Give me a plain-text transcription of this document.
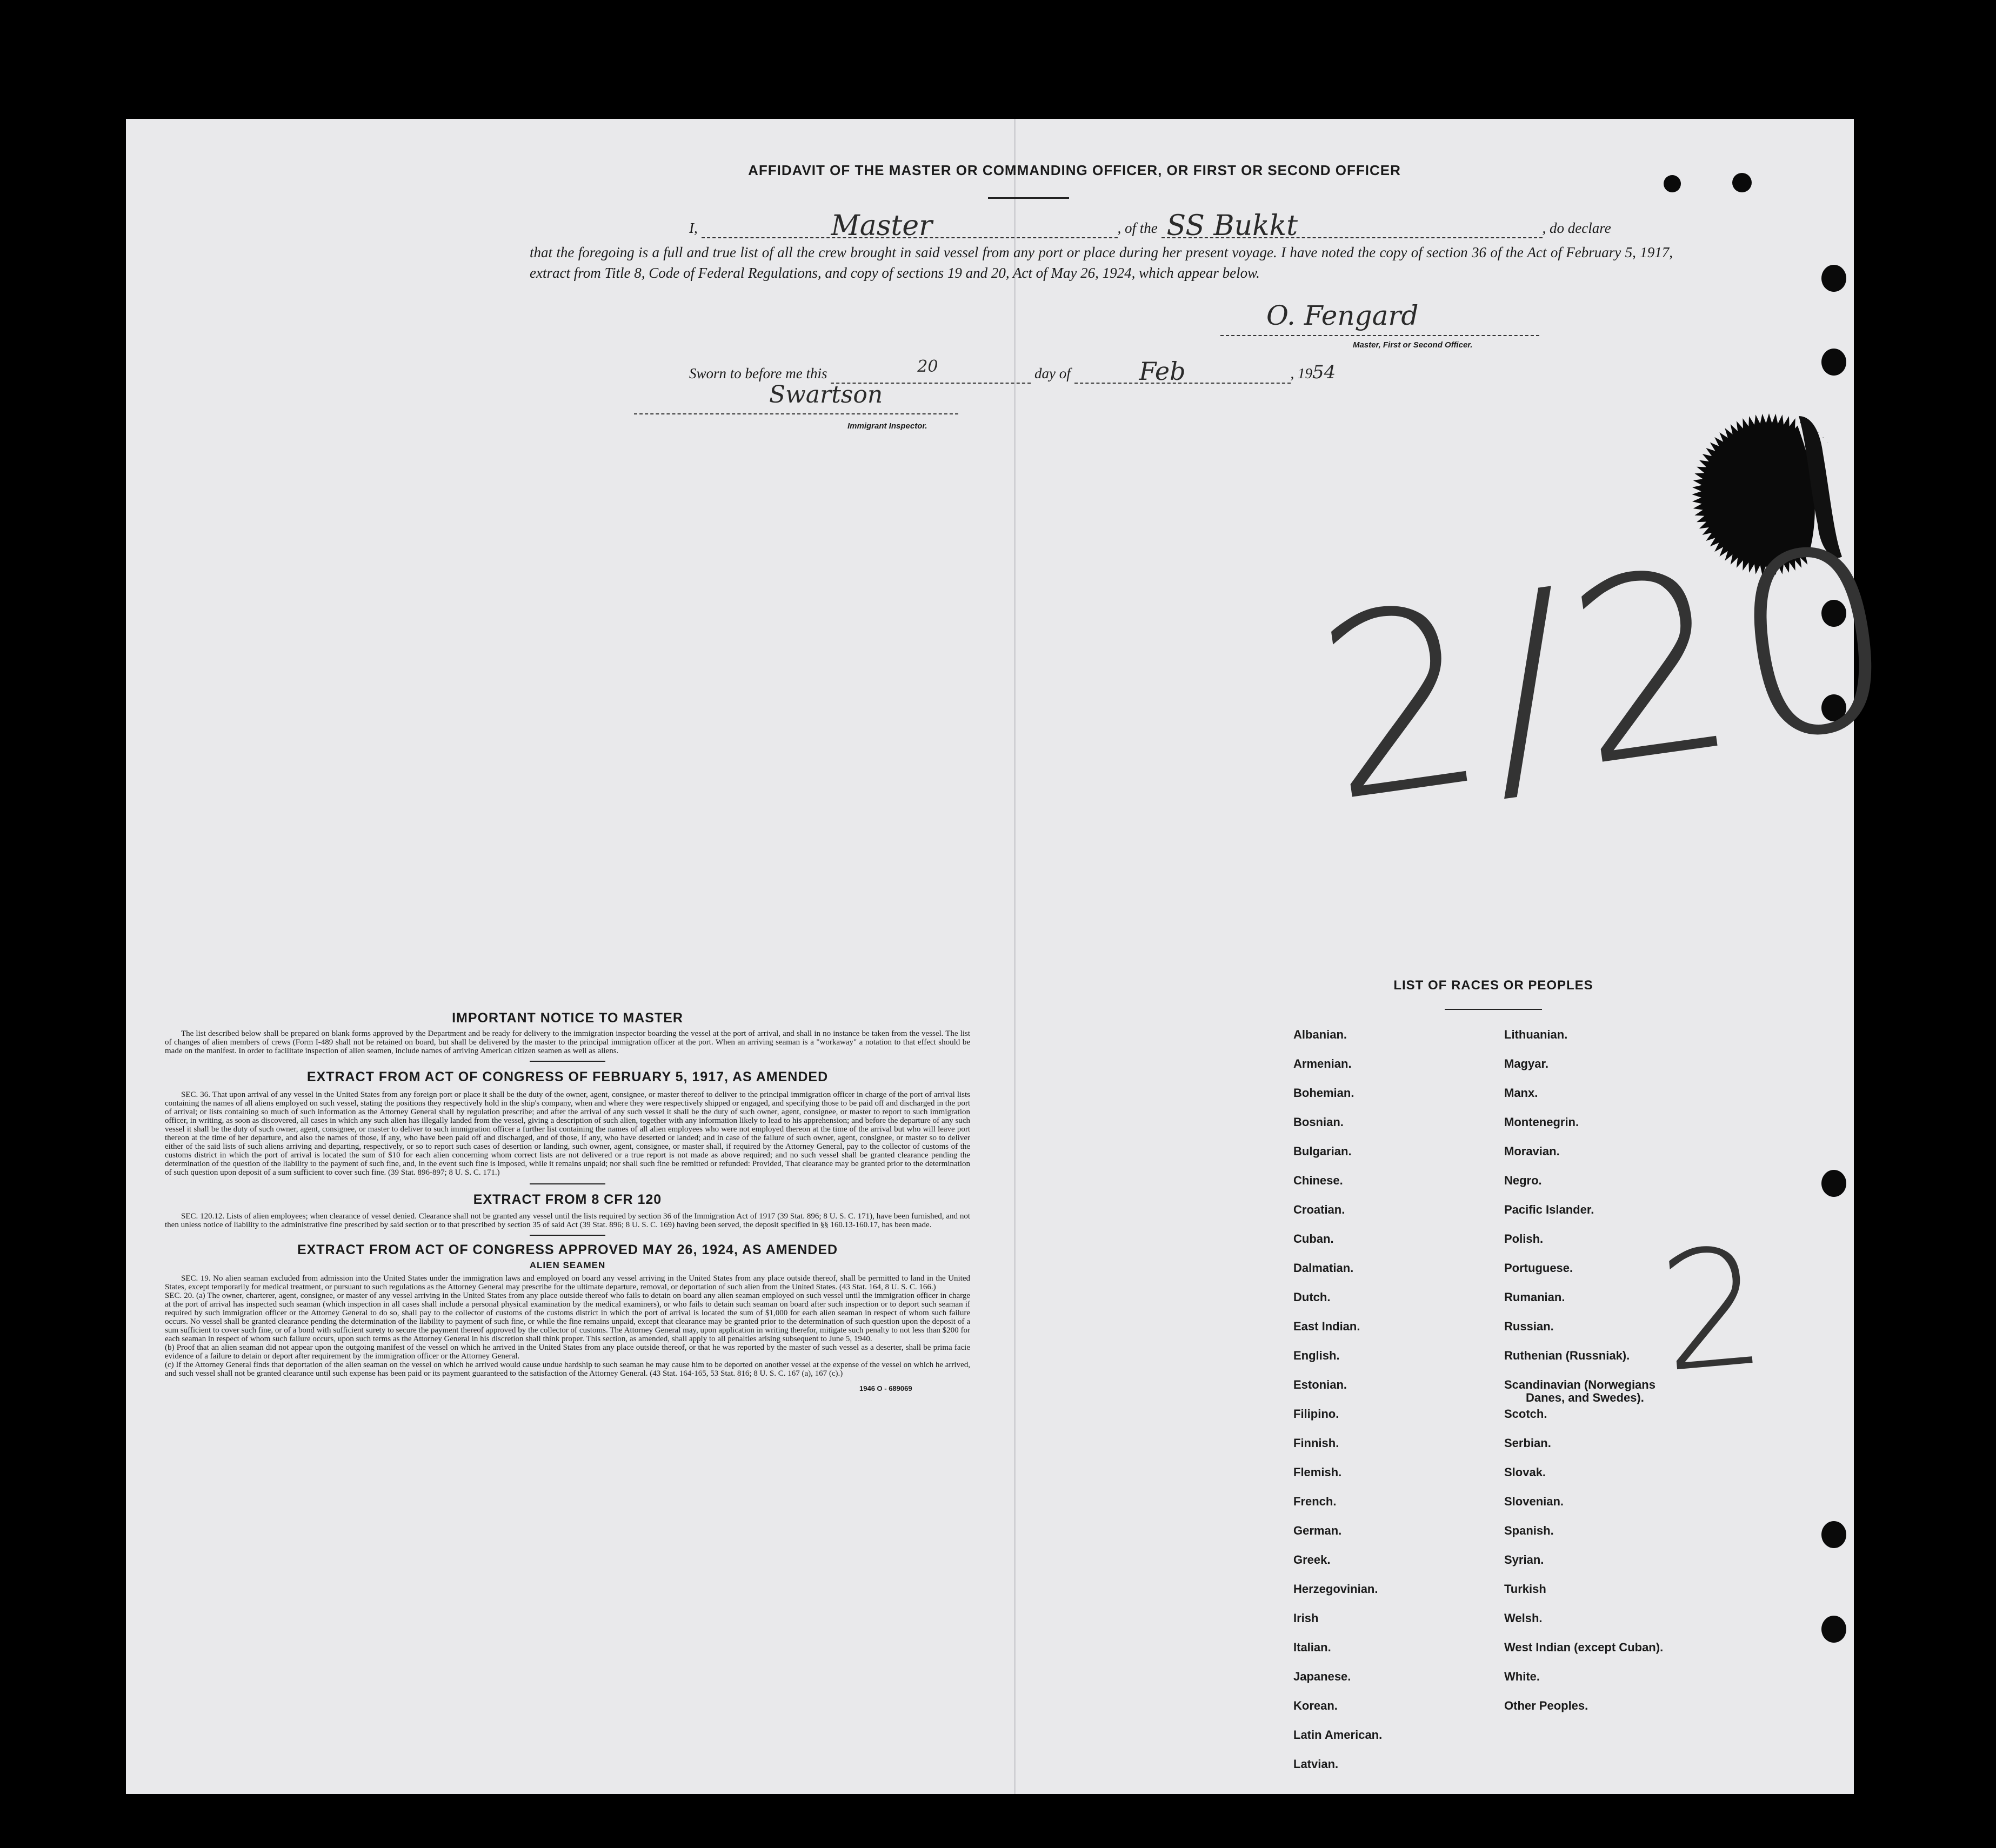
AFFIDAVIT OF THE MASTER OR COMMANDING OFFICER, OR FIRST OR SECOND OFFICER
I,	Master	, of the SS Bukkt	, do declare
that the foregoing is a full and true list of all the crew brought in said vessel from any port or place during her present voyage. I have noted the copy of section 36 of the Act of February 5, 1917, extract from Title 8, Code of Federal Regulations, and copy of sections 19 and 20, Act of May 26, 1924, which appear below.
O. Fengard
Master, First or Second Officer.
Sworn to before me this	20	day of	Feb	, 1954
Swartson
Immigrant Inspector.
2/20
2
IMPORTANT NOTICE TO MASTER
The list described below shall be prepared on blank forms approved by the Department and be ready for delivery to the immigration inspector boarding the vessel at the port of arrival, and shall in no instance be taken from the vessel. The list of changes of alien members of crews (Form I-489 shall not be retained on board, but shall be delivered by the master to the principal immigration officer at the port. When an arriving seaman is a "workaway" a notation to that effect should be made on the manifest. In order to facilitate inspection of alien seamen, include names of arriving American citizen seamen as well as aliens.
EXTRACT FROM ACT OF CONGRESS OF FEBRUARY 5, 1917, AS AMENDED
SEC. 36. That upon arrival of any vessel in the United States from any foreign port or place it shall be the duty of the owner, agent, consignee, or master thereof to deliver to the principal immigration officer in charge of the port of arrival lists containing the names of all aliens employed on such vessel, stating the positions they respectively hold in the ship's company, when and where they were respectively shipped or engaged, and specifying those to be paid off and discharged in the port of arrival; or lists containing so much of such information as the Attorney General shall by regulation prescribe; and after the arrival of any such vessel it shall be the duty of such owner, agent, consignee, or master to report to such immigration officer, in writing, as soon as discovered, all cases in which any such alien has illegally landed from the vessel, giving a description of such alien, together with any information likely to lead to his apprehension; and before the departure of any such vessel it shall be the duty of such owner, agent, consignee, or master to deliver to such immigration officer a further list containing the names of all alien employees who were not employed thereon at the time of the arrival but who will leave port thereon at the time of her departure, and also the names of those, if any, who have been paid off and discharged, and of those, if any, who have deserted or landed; and in case of the failure of such owner, agent, consignee, or master so to deliver either of the said lists of such aliens arriving and departing, respectively, or so to report such cases of desertion or landing, such owner, agent, consignee, or master shall, if required by the Attorney General, pay to the collector of customs of the customs district in which the port of arrival is located the sum of $10 for each alien concerning whom correct lists are not delivered or a true report is not made as above required; and no such vessel shall be granted clearance pending the determination of the question of the liability to the payment of such fine, and, in the event such fine is imposed, while it remains unpaid; nor shall such fine be remitted or refunded: Provided, That clearance may be granted prior to the determination of such question upon deposit of a sum sufficient to cover such fine. (39 Stat. 896-897; 8 U. S. C. 171.)
EXTRACT FROM 8 CFR 120
SEC. 120.12. Lists of alien employees; when clearance of vessel denied. Clearance shall not be granted any vessel until the lists required by section 36 of the Immigration Act of 1917 (39 Stat. 896; 8 U. S. C. 171), have been furnished, and not then unless notice of liability to the administrative fine prescribed by said section or to that prescribed by section 35 of said Act (39 Stat. 896; 8 U. S. C. 169) having been served, the deposit specified in §§ 160.13-160.17, has been made.
EXTRACT FROM ACT OF CONGRESS APPROVED MAY 26, 1924, AS AMENDED
ALIEN SEAMEN
SEC. 19. No alien seaman excluded from admission into the United States under the immigration laws and employed on board any vessel arriving in the United States from any place outside thereof, shall be permitted to land in the United States, except temporarily for medical treatment, or pursuant to such regulations as the Attorney General may prescribe for the ultimate departure, removal, or deportation of such alien from the United States. (43 Stat. 164, 8 U. S. C. 166.)
SEC. 20. (a) The owner, charterer, agent, consignee, or master of any vessel arriving in the United States from any place outside thereof who fails to detain on board any alien seaman employed on such vessel until the immigration officer in charge at the port of arrival has inspected such seaman (which inspection in all cases shall include a personal physical examination by the medical examiners), or who fails to detain such seaman on board after such inspection or to deport such seaman if required by such immigration officer or the Attorney General to do so, shall pay to the collector of customs of the customs district in which the port of arrival is located the sum of $1,000 for each alien seaman in respect of whom such failure occurs. No vessel shall be granted clearance pending the determination of the liability to payment of such fine, or while the fine remains unpaid, except that clearance may be granted prior to the determination of such question upon the deposit of a sum sufficient to cover such fine, or of a bond with sufficient surety to secure the payment thereof approved by the collector of customs. The Attorney General may, upon application in writing therefor, mitigate such penalty to not less than $200 for each seaman in respect of whom such failure occurs, upon such terms as the Attorney General in his discretion shall think proper. This section, as amended, shall apply to all penalties arising subsequent to June 5, 1940.
(b) Proof that an alien seaman did not appear upon the outgoing manifest of the vessel on which he arrived in the United States from any place outside thereof, or that he was reported by the master of such vessel as a deserter, shall be prima facie evidence of a failure to detain or deport after requirement by the immigration officer or the Attorney General.
(c) If the Attorney General finds that deportation of the alien seaman on the vessel on which he arrived would cause undue hardship to such seaman he may cause him to be deported on another vessel at the expense of the vessel on which he arrived, and such vessel shall not be granted clearance until such expense has been paid or its payment guaranteed to the satisfaction of the Attorney General. (43 Stat. 164-165, 53 Stat. 816; 8 U. S. C. 167 (a), 167 (c).)
1946 O - 689069
LIST OF RACES OR PEOPLES
Albanian.
Armenian.
Bohemian.
Bosnian.
Bulgarian.
Chinese.
Croatian.
Cuban.
Dalmatian.
Dutch.
East Indian.
English.
Estonian.
Filipino.
Finnish.
Flemish.
French.
German.
Greek.
Herzegovinian.
Irish
Italian.
Japanese.
Korean.
Latin American.
Latvian.
Lithuanian.
Magyar.
Manx.
Montenegrin.
Moravian.
Negro.
Pacific Islander.
Polish.
Portuguese.
Rumanian.
Russian.
Ruthenian (Russniak).
Scandinavian (Norwegians
Danes, and Swedes).
Scotch.
Serbian.
Slovak.
Slovenian.
Spanish.
Syrian.
Turkish
Welsh.
West Indian (except Cuban).
White.
Other Peoples.
